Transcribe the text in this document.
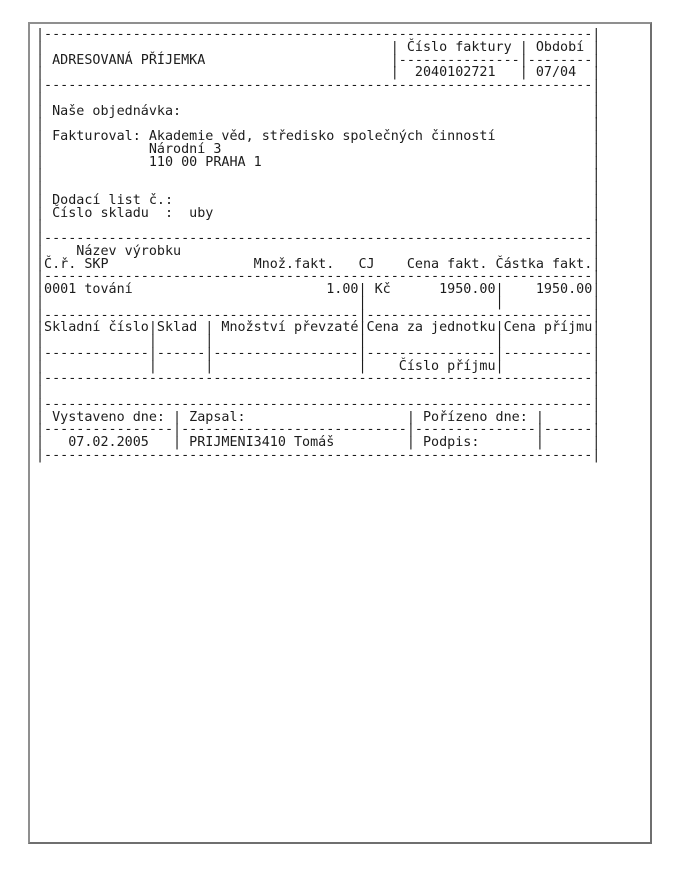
|--------------------------------------------------------------------|
|                                           | Číslo faktury | Období |
| ADRESOVANÁ PŘÍJEMKA                       |---------------|--------|
|                                           |  2040102721   | 07/04  |
|--------------------------------------------------------------------|
|                                                                    |
| Naše objednávka:                                                   |
|                                                                    |
| Fakturoval: Akademie věd, středisko společných činností            |
|             Národní 3                                              |
|             110 00 PRAHA 1                                         |
|                                                                    |
|                                                                    |
| Dodací list č.:                                                    |
| Číslo skladu  :  uby                                               |
|                                                                    |
|--------------------------------------------------------------------|
|    Název výrobku                                                   |
|Č.ř. SKP                  Množ.fakt.   CJ    Cena fakt. Částka fakt.|
|--------------------------------------------------------------------|
|0001 tování                        1.00| Kč      1950.00|    1950.00|
|                                       |                |           |
|---------------------------------------|----------------------------|
|Skladní číslo|Sklad | Množství převzaté|Cena za jednotku|Cena příjmu|
|             |      |                  |                |           |
|-------------|------|------------------|----------------|-----------|
|             |      |                  |    Číslo příjmu|           |
|--------------------------------------------------------------------|
|                                                                    |
|--------------------------------------------------------------------|
| Vystaveno dne: | Zapsal:                    | Pořízeno dne: |      |
|----------------|----------------------------|---------------|------|
|   07.02.2005   | PRIJMENI3410 Tomáš         | Podpis:       |      |
|--------------------------------------------------------------------|
